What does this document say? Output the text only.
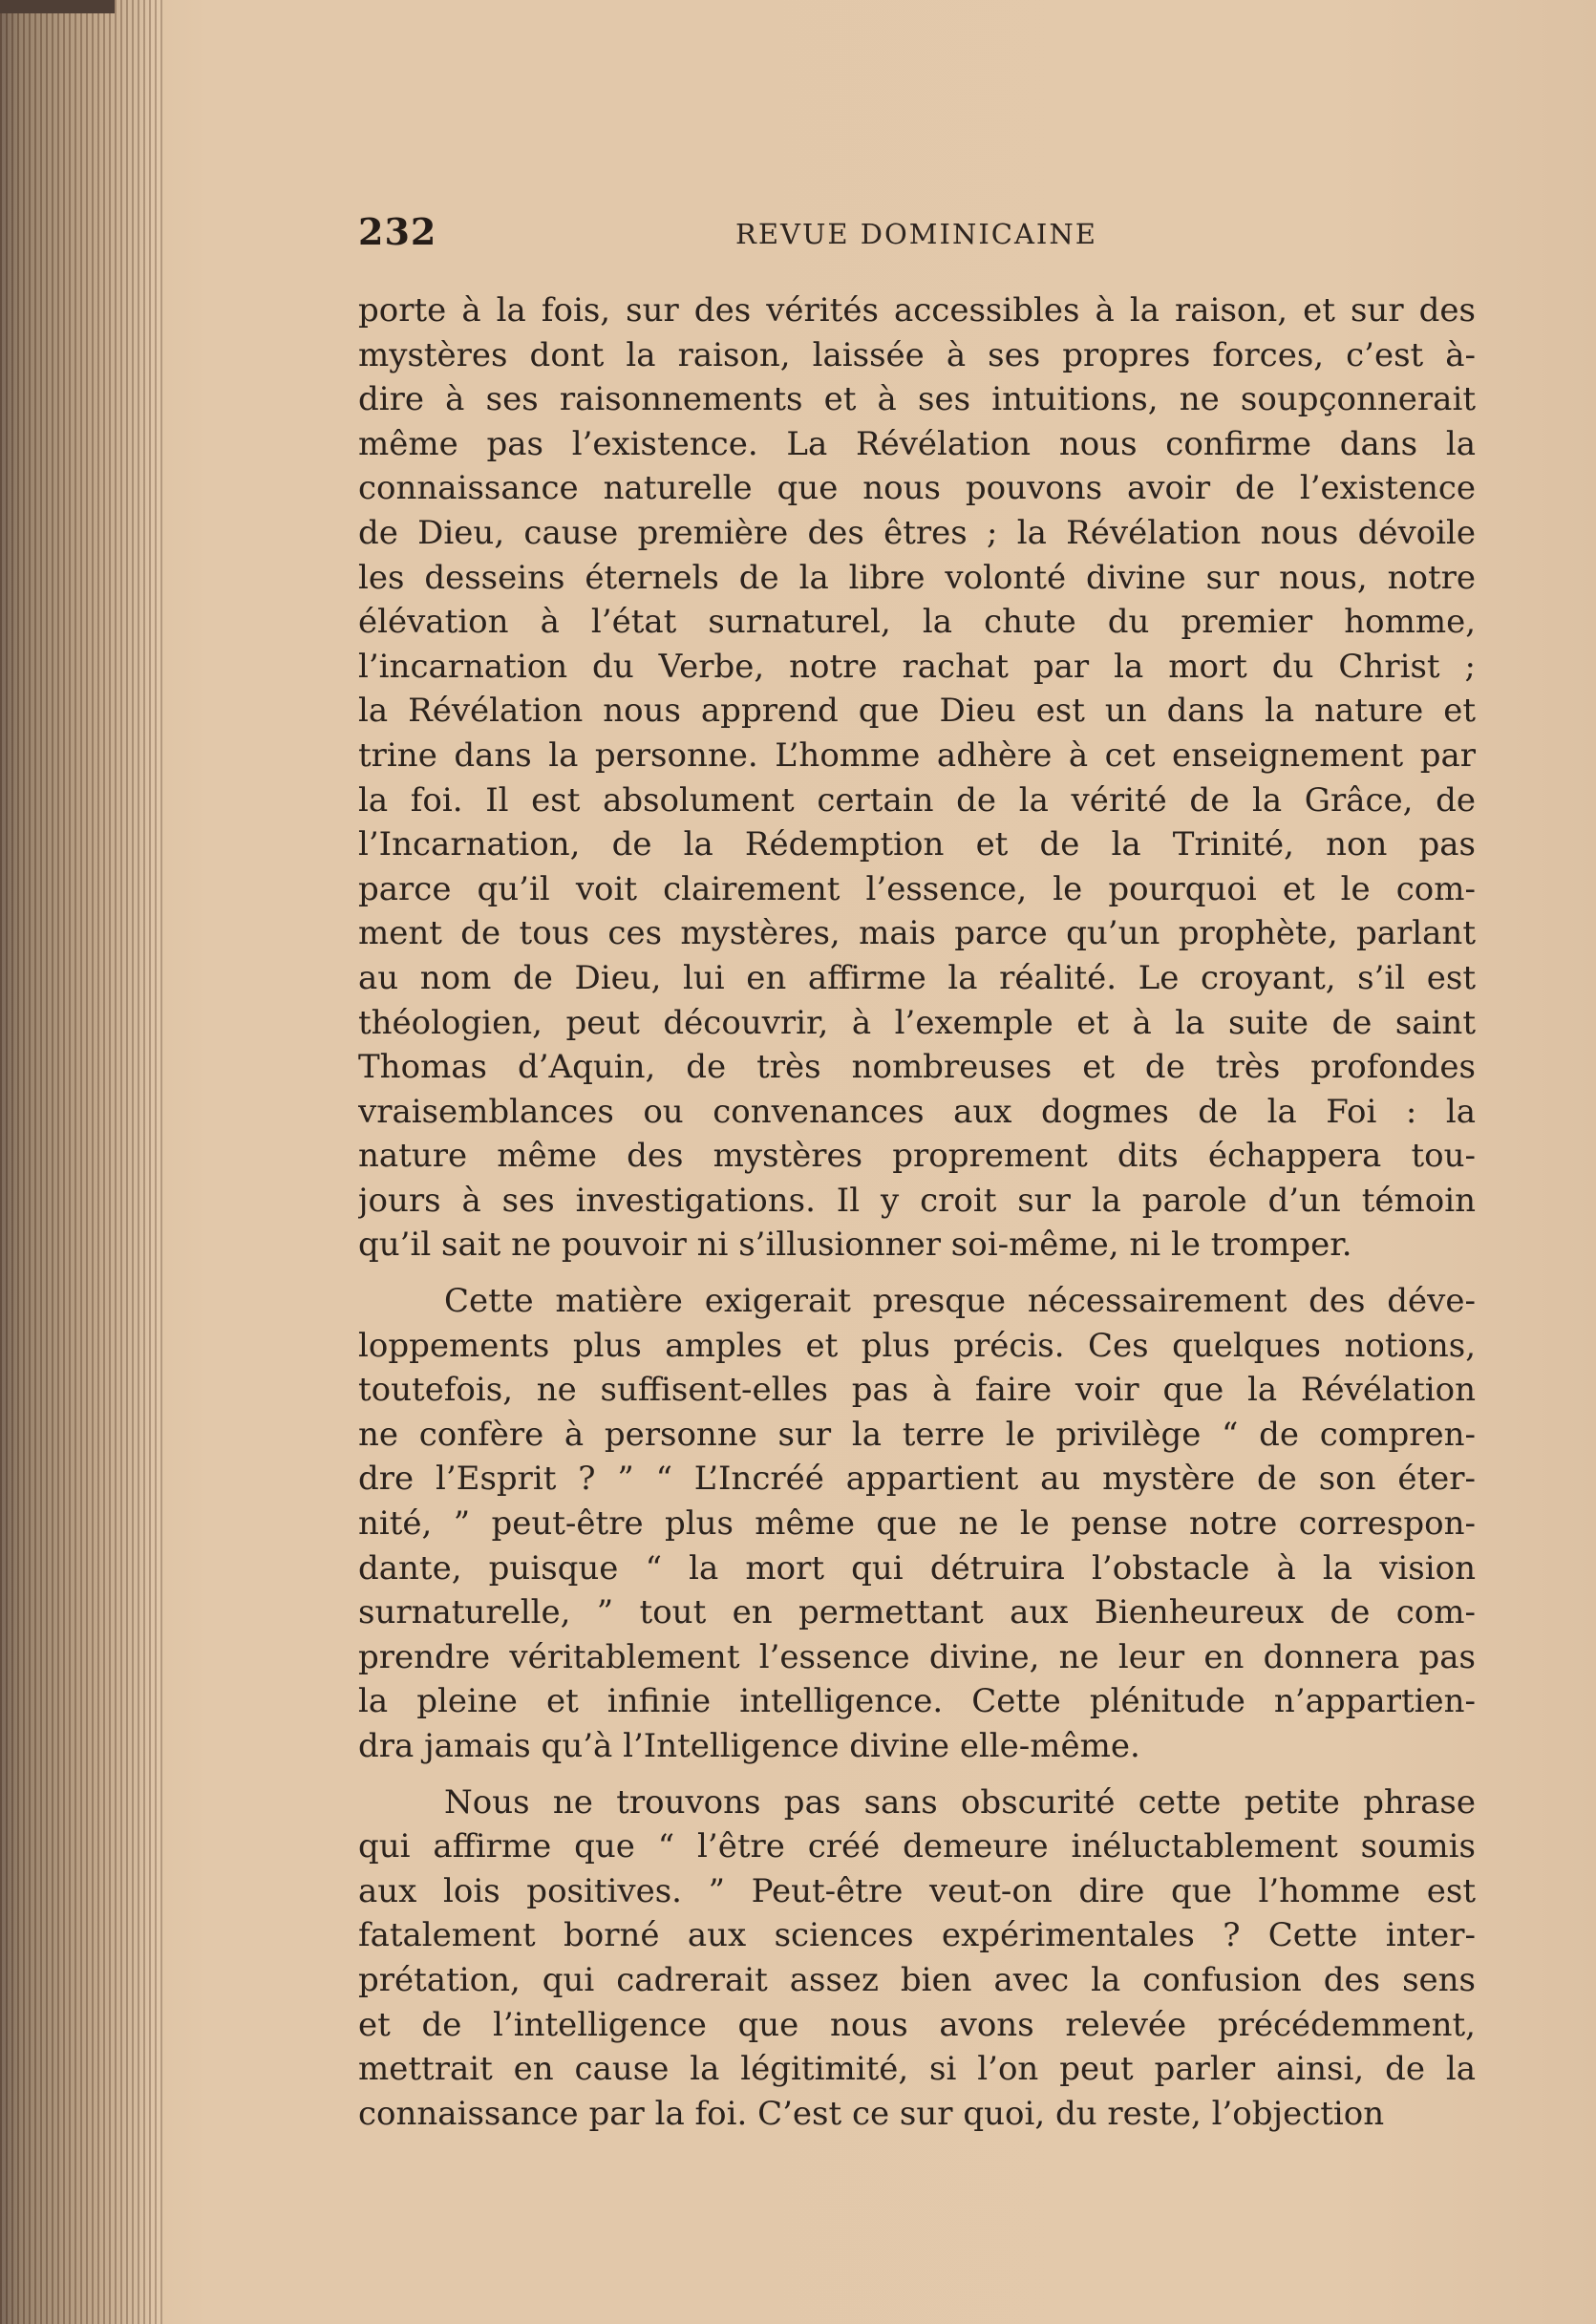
232	REVUE DOMINICAINE
porte à la fois, sur des vérités accessibles à la raison, et sur des
mystères dont la raison, laissée à ses propres forces, c’est à-
dire à ses raisonnements et à ses intuitions, ne soupçonnerait
même pas l’existence. La Révélation nous confirme dans la
connaissance naturelle que nous pouvons avoir de l’existence
de Dieu, cause première des êtres ; la Révélation nous dévoile
les desseins éternels de la libre volonté divine sur nous, notre
élévation à l’état surnaturel, la chute du premier homme,
l’incarnation du Verbe, notre rachat par la mort du Christ ;
la Révélation nous apprend que Dieu est un dans la nature et
trine dans la personne. L’homme adhère à cet enseignement par
la foi. Il est absolument certain de la vérité de la Grâce, de
l’Incarnation, de la Rédemption et de la Trinité, non pas
parce qu’il voit clairement l’essence, le pourquoi et le com-
ment de tous ces mystères, mais parce qu’un prophète, parlant
au nom de Dieu, lui en affirme la réalité. Le croyant, s’il est
théologien, peut découvrir, à l’exemple et à la suite de saint
Thomas d’Aquin, de très nombreuses et de très profondes
vraisemblances ou convenances aux dogmes de la Foi : la
nature même des mystères proprement dits échappera tou-
jours à ses investigations. Il y croit sur la parole d’un témoin
qu’il sait ne pouvoir ni s’illusionner soi-même, ni le tromper.
Cette matière exigerait presque nécessairement des déve-
loppements plus amples et plus précis. Ces quelques notions,
toutefois, ne suffisent-elles pas à faire voir que la Révélation
ne confère à personne sur la terre le privilège “ de compren-
dre l’Esprit ? ” “ L’Incréé appartient au mystère de son éter-
nité, ” peut-être plus même que ne le pense notre correspon-
dante, puisque “ la mort qui détruira l’obstacle à la vision
surnaturelle, ” tout en permettant aux Bienheureux de com-
prendre véritablement l’essence divine, ne leur en donnera pas
la pleine et infinie intelligence. Cette plénitude n’appartien-
dra jamais qu’à l’Intelligence divine elle-même.
Nous ne trouvons pas sans obscurité cette petite phrase
qui affirme que “ l’être créé demeure inéluctablement soumis
aux lois positives. ” Peut-être veut-on dire que l’homme est
fatalement borné aux sciences expérimentales ? Cette inter-
prétation, qui cadrerait assez bien avec la confusion des sens
et de l’intelligence que nous avons relevée précédemment,
mettrait en cause la légitimité, si l’on peut parler ainsi, de la
connaissance par la foi. C’est ce sur quoi, du reste, l’objection
